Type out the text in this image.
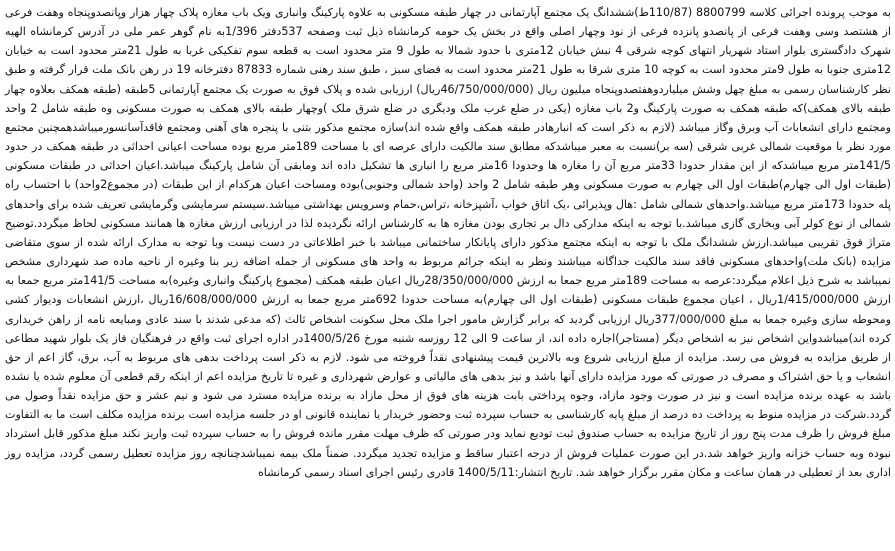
به موجب پرونده اجرائی کلاسه 8800799 (110/87ط)ششدانگ یک مجتمع آپارتمانی در چهار طبقه مسکونی به علاوه پارکینگ وانباری ویک باب مغازه پلاک چهار هزار وپانصدوپنجاه وهفت فرعی از هشتصد وسی وهفت فرعی از پانصدو پانزده فرعی از نود وچهار اصلی واقع در بخش یک حومه کرمانشاه ذیل ثبت وصفحه 537دفتر 1/396به نام گوهر عمر ملی در آدرس کرمانشاه الهیه شهرک دادگستری بلوار استاد شهریار انتهای کوچه شرقی 4 نبش خیابان 12متری با حدود شمالا به طول 9 متر محدود است به قطعه سوم تفکیکی غربا به طول 21متر محدود است به خیابان 12متری جنوبا به طول 9متر محدود است به کوچه 10 متری شرقا به طول 21متر محدود است به فضای سبز ، طبق سند رهنی شماره 87833 دفترخانه 19 در رهن بانک ملت قرار گرفته و طبق نظر کارشناسان رسمی به مبلغ چهل وشش میلیاردوهفتصدوپنجاه میلیون ریال (46/750/000/000ریال) ارزیابی شده و پلاک فوق به صورت یک مجتمع آپارتمانی 5طبقه (طبقه همکف بعلاوه چهار طبقه بالای همکف)که طبقه همکف به صورت پارکینگ و2 باب مغازه (یکی در ضلع غرب ملک ودیگری در ضلع شرق ملک )وچهار طبقه بالای همکف به صورت مسکونی وه طبقه شامل 2 واحد ومجتمع دارای انشعابات آب وبرق وگاز میباشد (لازم به ذکر است که انبارهادر طبقه همکف واقع شده اند)سازه مجتمع مذکور بتنی با پنجره های آهنی ومجتمع فاقدآسانسورمیباشدهمچنین مجتمع مورد نظر با موقعیت شمالی غربی شرقی (سه بر)نسبت به معبر میباشدکه مطابق سند مالکیت دارای عرصه ای با مساحت 189متر مربع بوده مساحت اعیانی احداثی در طبقه همکف در حدود 141/5متر مربع میباشدکه از این مقدار حدودا 33متر مربع آن را مغازه ها وحدودا 16متر مربع را انباری ها تشکیل داده اند ومابقی آن شامل پارکینگ میباشد.اعیان احداثی در طبقات مسکونی (طبقات اول الی چهارم)طبقات اول الی چهارم به صورت مسکونی وهر طبقه شامل 2 واحد (واحد شمالی وجنوبی)بوده ومساحت اعیان هرکدام از این طبقات (در مجموع2واحد) با احتساب راه پله حدودا 173متر مربع میباشد.واحدهای شمالی شامل :هال وپذیرائی ،یک اتاق خواب ،آشپزخانه ،تراس،حمام وسرویس بهداشتی میباشد.سیستم سرمایشی وگرمایشی تعریف شده برای واحدهای شمالی از نوع کولر آبی وبخاری گازی میباشد.با توجه به اینکه مدارکی دال بر تجاری بودن مغازه ها به کارشناس ارائه نگردیده لذا در ارزیابی ارزش مغازه ها همانند مسکونی لحاظ میگردد.توضیح متراژ فوق تقریبی میباشد.ارزش ششدانگ ملک با توجه به اینکه مجتمع مذکور دارای پایانکار ساختمانی میباشد با خبر اطلاعاتی در دست نیست وبا توجه به مدارک ارائه شده از سوی متقاضی مزایده (بانک ملت)واحدهای مسکونی فاقد سند مالکیت جداگانه میباشند ونظر به اینکه جرائم مربوط به واحد های مسکونی از جمله اضافه زیر بنا وغیره از ناحیه ماده صد شهرداری مشخص نمیباشد به شرح ذیل اعلام میگردد:عرصه به مساحت 189متر مربع جمعا به ارزش 28/350/000/000ریال اعیان طبقه همکف (مجموع پارکینگ وانباری وغیره)به مساحت 141/5متر مربع جمعا به ارزش 1/415/000/000ریال ، اعیان مجموع طبقات مسکونی (طبقات اول الی چهارم)به مساحت حدودا 692متر مربع جمعا به ارزش 16/608/000/000ریال ،ارزش انشعابات ودیوار کشی ومحوطه سازی وغیره جمعا به مبلغ 377/000/000ریال ارزیابی گردید که برابر گزارش مامور اجرا ملک محل سکونت اشخاص ثالث (که مدعی شدند با سند عادی ومبایعه نامه از راهن خریداری کرده اند)میباشدواین اشخاص نیز به اشخاص دیگر (مستاجر)اجاره داده اند، از ساعت 9 الی 12 روزسه شنبه مورخ 1400/5/26در اداره اجرای ثبت واقع در فرهنگیان فاز یک بلوار شهید مطاعی از طریق مزایده به فروش می رسد. مزایده از مبلغ ارزیابی شروع وبه بالاترین قیمت پیشنهادی نقداً فروخته می شود. لازم به ذکر است پرداخت بدهی های مربوط به آب، برق، گاز اعم از حق انشعاب و یا حق اشتراک و مصرف در صورتی که مورد مزایده دارای آنها باشد و نیز بدهی های مالیاتی و عوارض شهرداری و غیره تا تاریخ مزایده اعم از اینکه رقم قطعی آن معلوم شده یا نشده باشد به عهده برنده مزایده است و نیز در صورت وجود مازاد، وجوه پرداختی بابت هزینه های فوق از محل مازاد به برنده مزایده مسترد می شود و نیم عشر و حق مزایده نقداً وصول می گردد.شرکت در مزایده منوط به پرداخت ده درصد از مبلغ پایه کارشناسی به حساب سپرده ثبت وحضور خریدار یا نماینده قانونی او در جلسه مزایده است برنده مزایده مکلف است ما به التفاوت مبلغ فروش را ظرف مدت پنج روز از تاریخ مزایده به حساب صندوق ثبت تودیع نماید ودر صورتی که ظرف مهلت مقرر مانده فروش را به حساب سپرده ثبت واریز نکند مبلغ مذکور قابل استرداد نبوده وبه حساب خزانه واریز خواهد شد.در این صورت عملیات فروش از درجه اعتبار ساقط و مزایده تجدید میگردد. ضمناً ملک بیمه نمیباشدچنانچه روز مزایده تعطیل رسمی گردد، مزایده روز اداری بعد از تعطیلی در همان ساعت و مکان مقرر برگزار خواهد شد. تاریخ انتشار:1400/5/11 قادری رئیس اجرای اسناد رسمی کرمانشاه
